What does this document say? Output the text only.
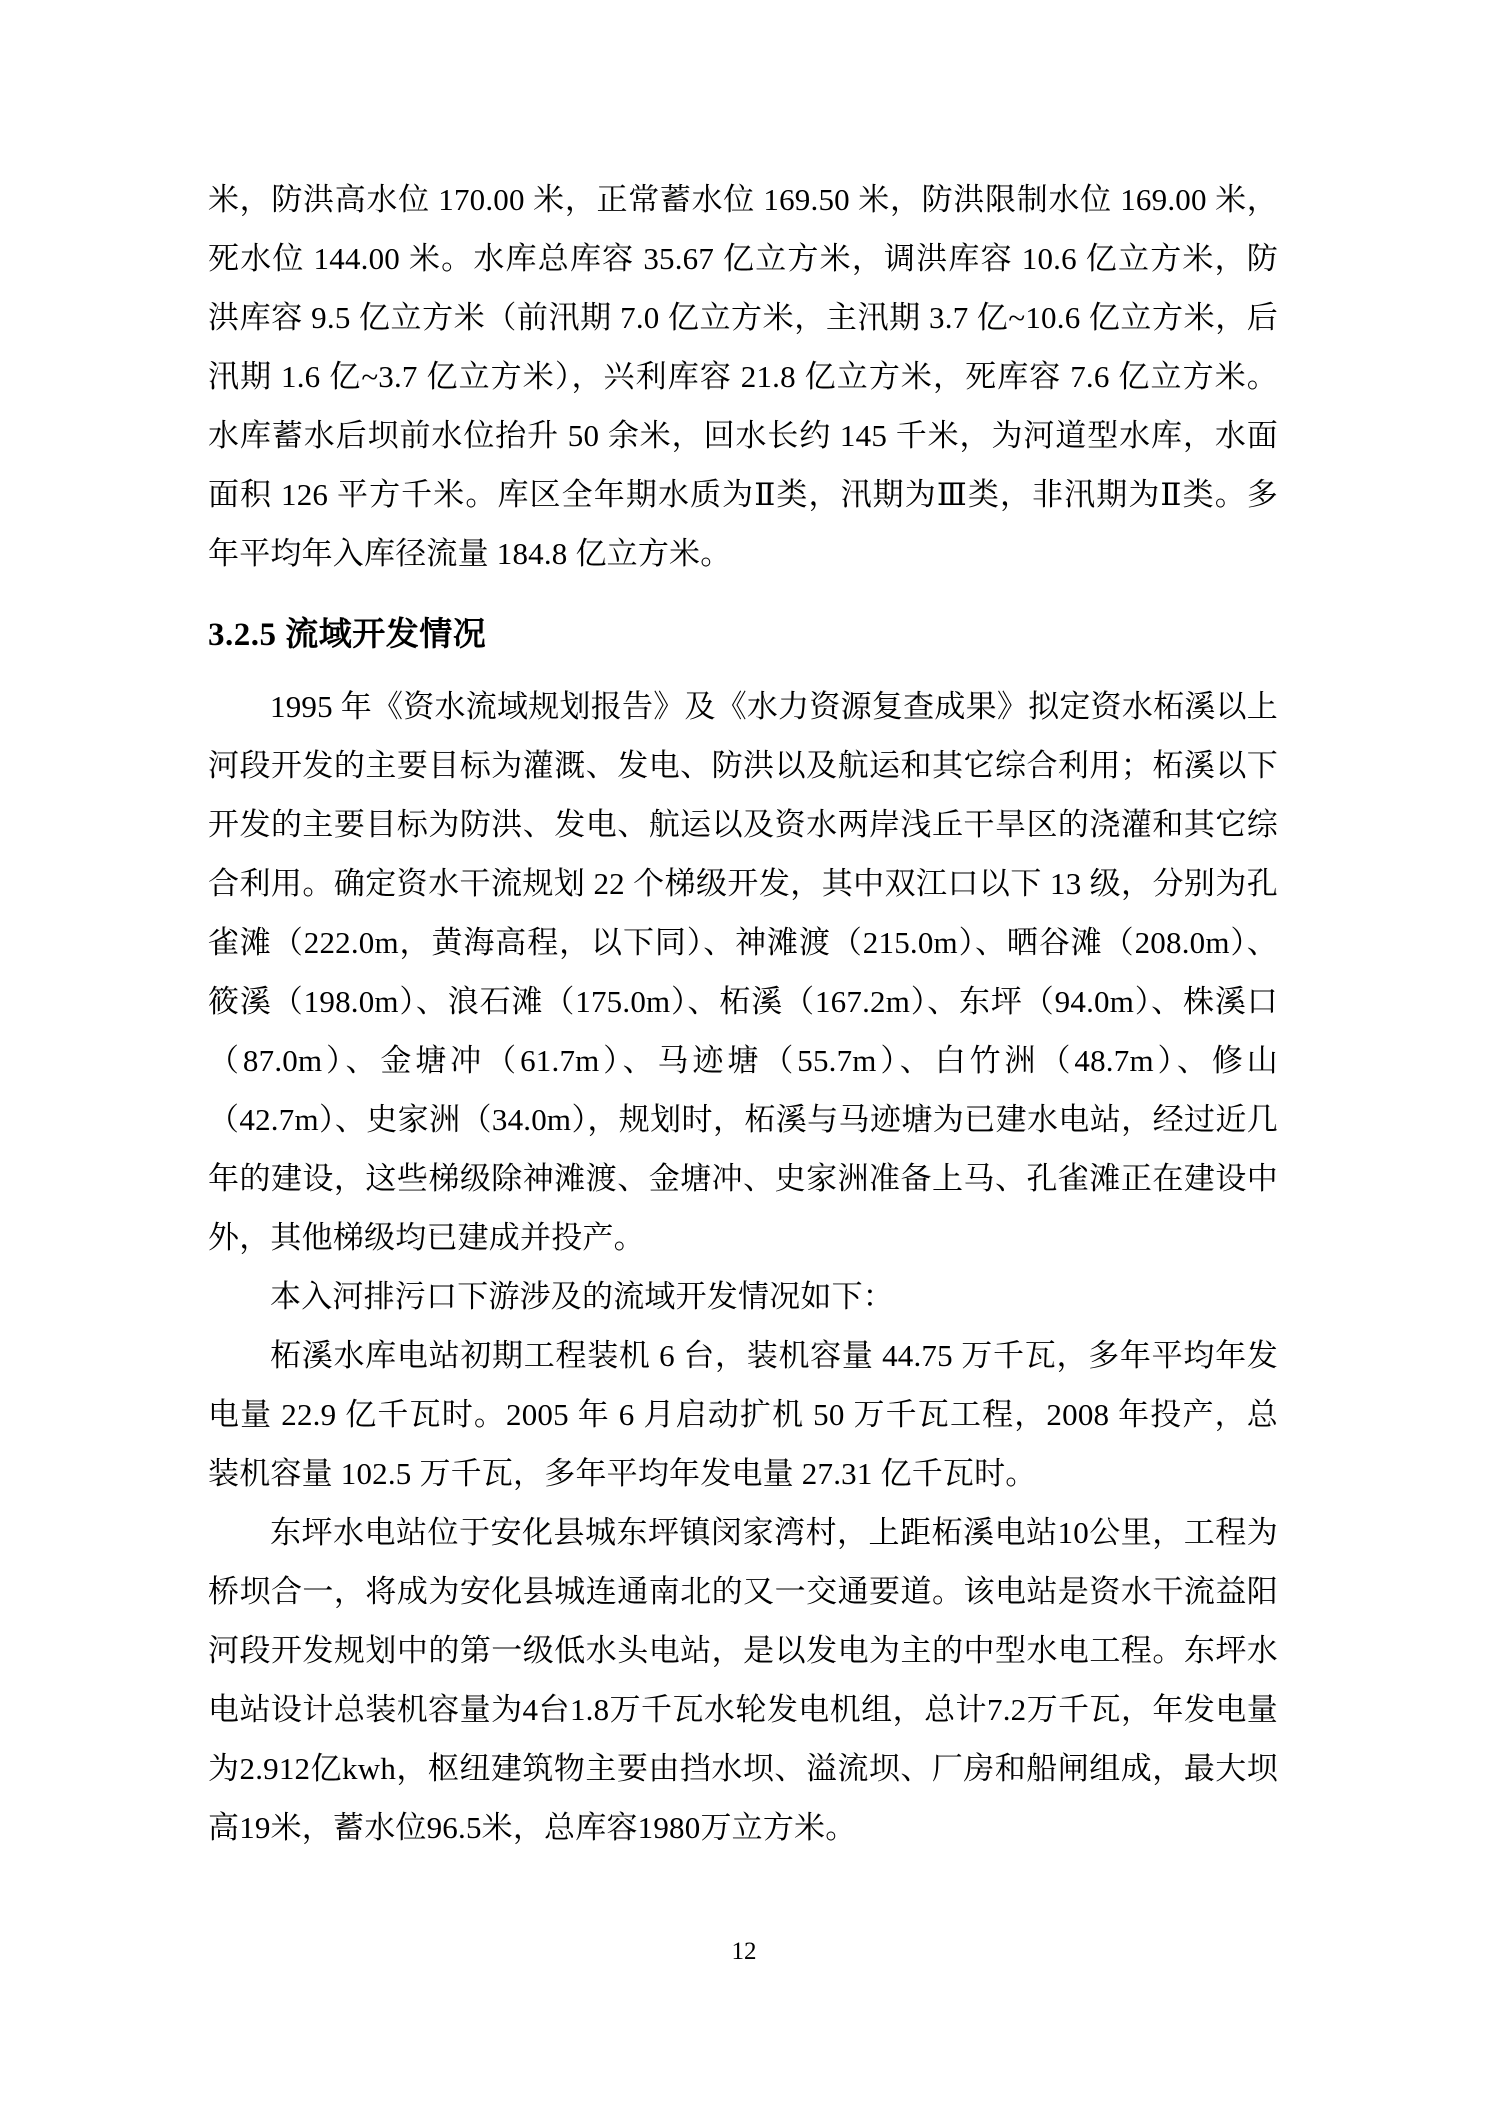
米，防洪高水位 170.00 米，正常蓄水位 169.50 米，防洪限制水位 169.00 米，死水位 144.00 米。水库总库容 35.67 亿立方米，调洪库容 10.6 亿立方米，防洪库容 9.5 亿立方米（前汛期 7.0 亿立方米，主汛期 3.7 亿~10.6 亿立方米，后汛期 1.6 亿~3.7 亿立方米），兴利库容 21.8 亿立方米，死库容 7.6 亿立方米。水库蓄水后坝前水位抬升 50 余米，回水长约 145 千米，为河道型水库，水面面积 126 平方千米。库区全年期水质为Ⅱ类，汛期为Ⅲ类，非汛期为Ⅱ类。多年平均年入库径流量 184.8 亿立方米。

3.2.5 流域开发情况

1995 年《资水流域规划报告》及《水力资源复查成果》拟定资水柘溪以上河段开发的主要目标为灌溉、发电、防洪以及航运和其它综合利用；柘溪以下开发的主要目标为防洪、发电、航运以及资水两岸浅丘干旱区的浇灌和其它综合利用。确定资水干流规划 22 个梯级开发，其中双江口以下 13 级，分别为孔雀滩（222.0m，黄海高程，以下同）、神滩渡（215.0m）、晒谷滩（208.0m）、筱溪（198.0m）、浪石滩（175.0m）、柘溪（167.2m）、东坪（94.0m）、株溪口（87.0m）、金塘冲（61.7m）、马迹塘（55.7m）、白竹洲（48.7m）、修山（42.7m）、史家洲（34.0m），规划时，柘溪与马迹塘为已建水电站，经过近几年的建设，这些梯级除神滩渡、金塘冲、史家洲准备上马、孔雀滩正在建设中外，其他梯级均已建成并投产。

本入河排污口下游涉及的流域开发情况如下：

柘溪水库电站初期工程装机 6 台，装机容量 44.75 万千瓦，多年平均年发电量 22.9 亿千瓦时。2005 年 6 月启动扩机 50 万千瓦工程，2008 年投产，总装机容量 102.5 万千瓦，多年平均年发电量 27.31 亿千瓦时。

东坪水电站位于安化县城东坪镇闵家湾村，上距柘溪电站10公里，工程为桥坝合一，将成为安化县城连通南北的又一交通要道。该电站是资水干流益阳河段开发规划中的第一级低水头电站，是以发电为主的中型水电工程。东坪水电站设计总装机容量为4台1.8万千瓦水轮发电机组，总计7.2万千瓦，年发电量为2.912亿kwh，枢纽建筑物主要由挡水坝、溢流坝、厂房和船闸组成，最大坝高19米，蓄水位96.5米，总库容1980万立方米。

12
